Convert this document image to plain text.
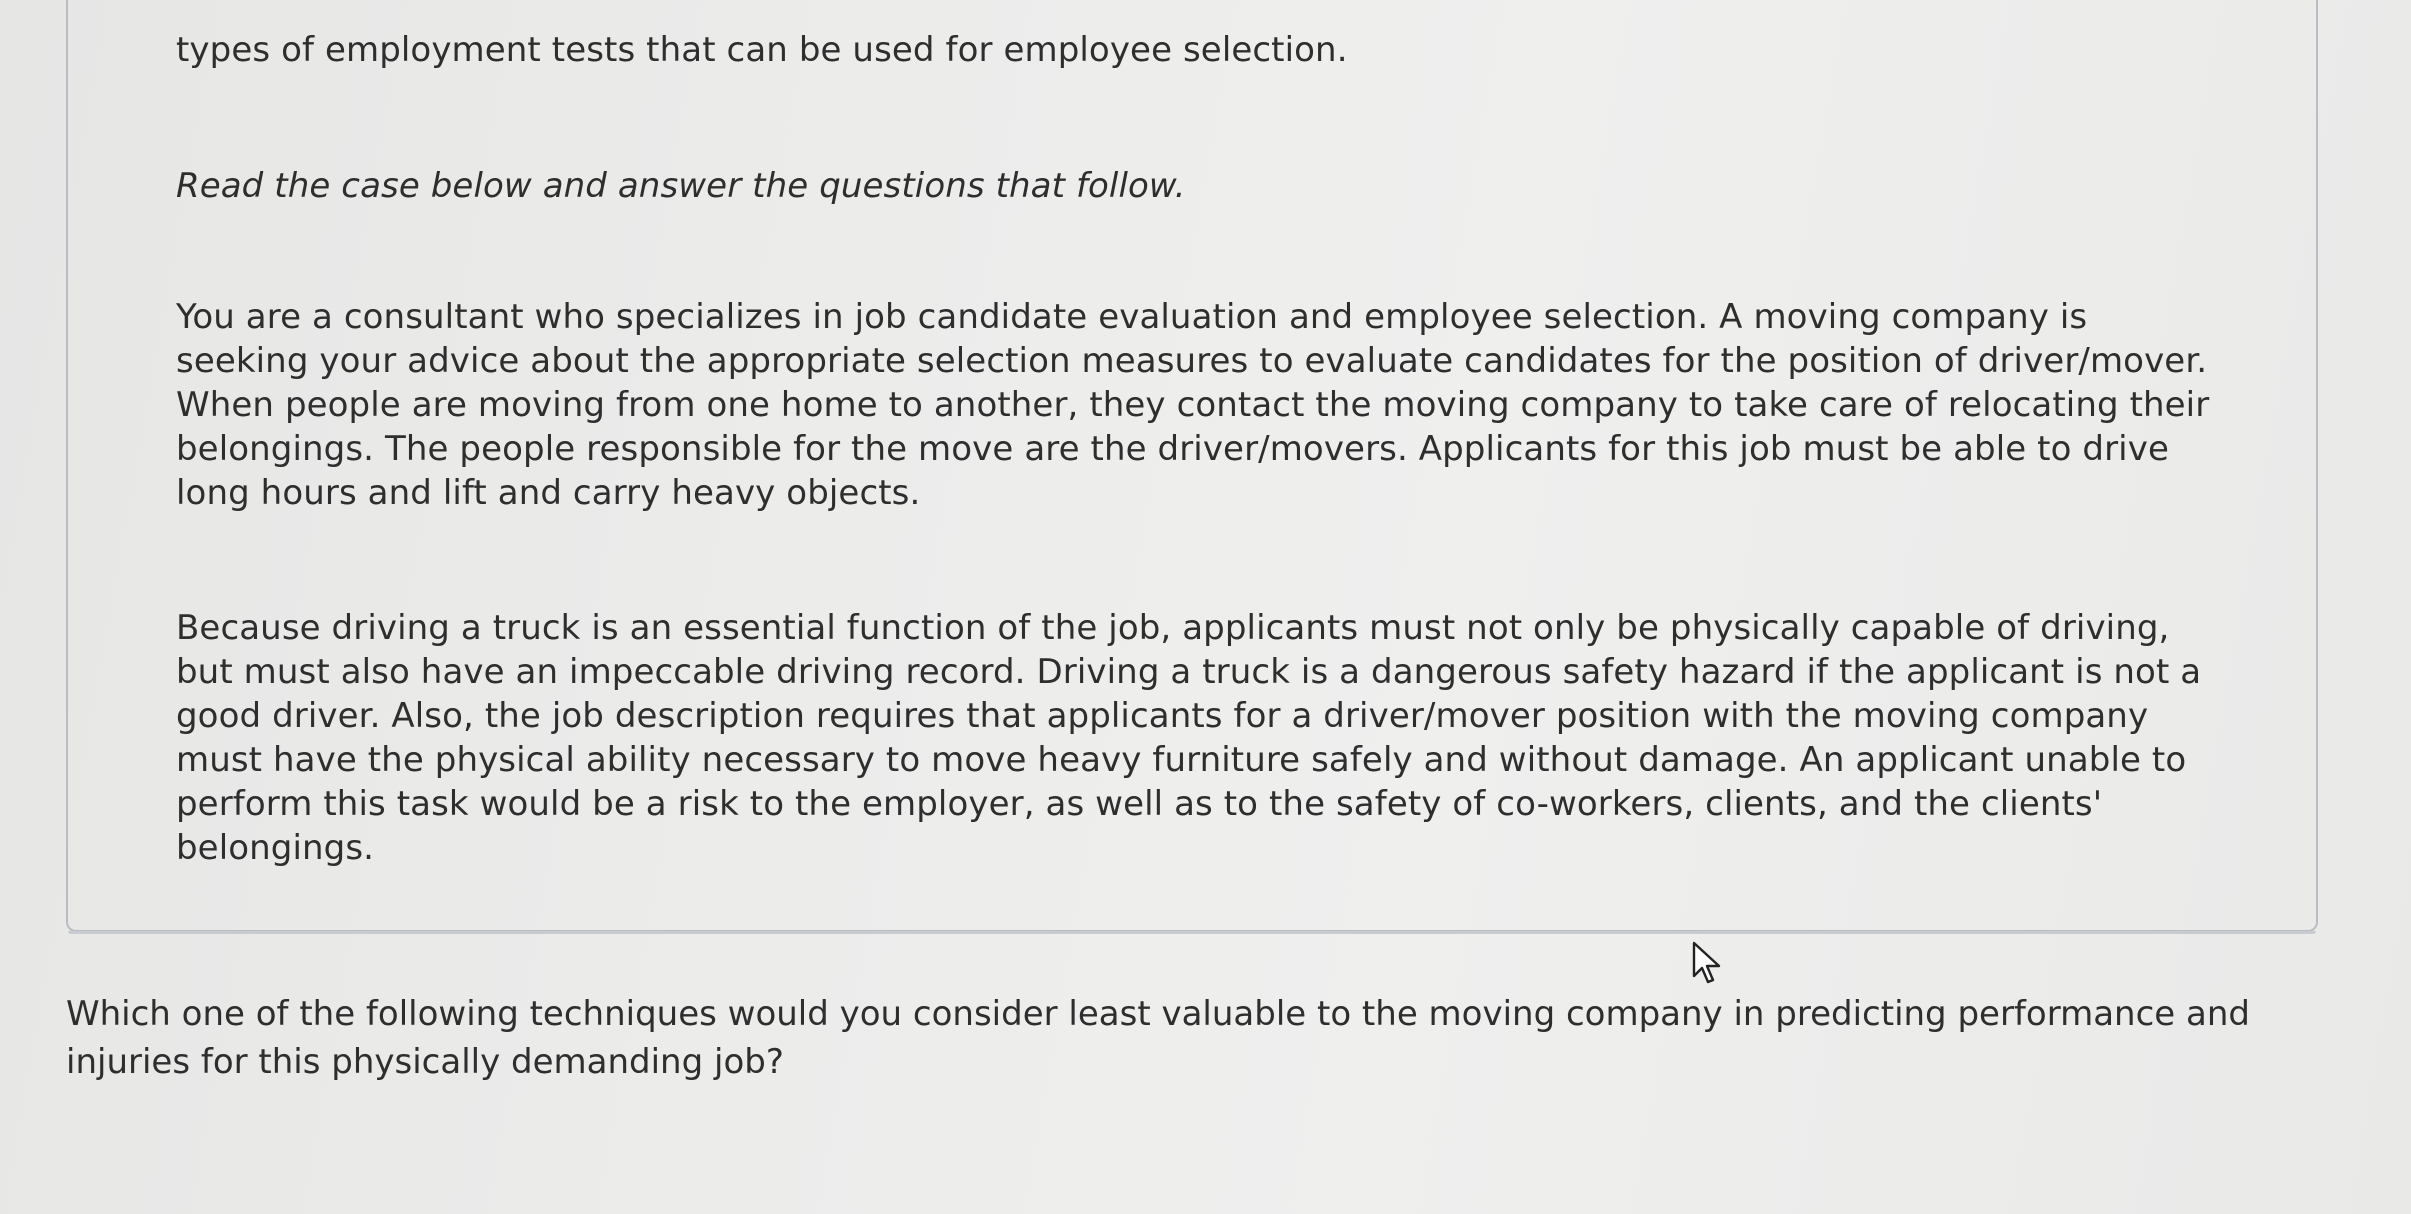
types of employment tests that can be used for employee selection.

Read the case below and answer the questions that follow.

You are a consultant who specializes in job candidate evaluation and employee selection. A moving company is seeking your advice about the appropriate selection measures to evaluate candidates for the position of driver/mover. When people are moving from one home to another, they contact the moving company to take care of relocating their belongings. The people responsible for the move are the driver/movers. Applicants for this job must be able to drive long hours and lift and carry heavy objects.

Because driving a truck is an essential function of the job, applicants must not only be physically capable of driving, but must also have an impeccable driving record. Driving a truck is a dangerous safety hazard if the applicant is not a good driver. Also, the job description requires that applicants for a driver/mover position with the moving company must have the physical ability necessary to move heavy furniture safely and without damage. An applicant unable to perform this task would be a risk to the employer, as well as to the safety of co-workers, clients, and the clients' belongings.

Which one of the following techniques would you consider least valuable to the moving company in predicting performance and injuries for this physically demanding job?
